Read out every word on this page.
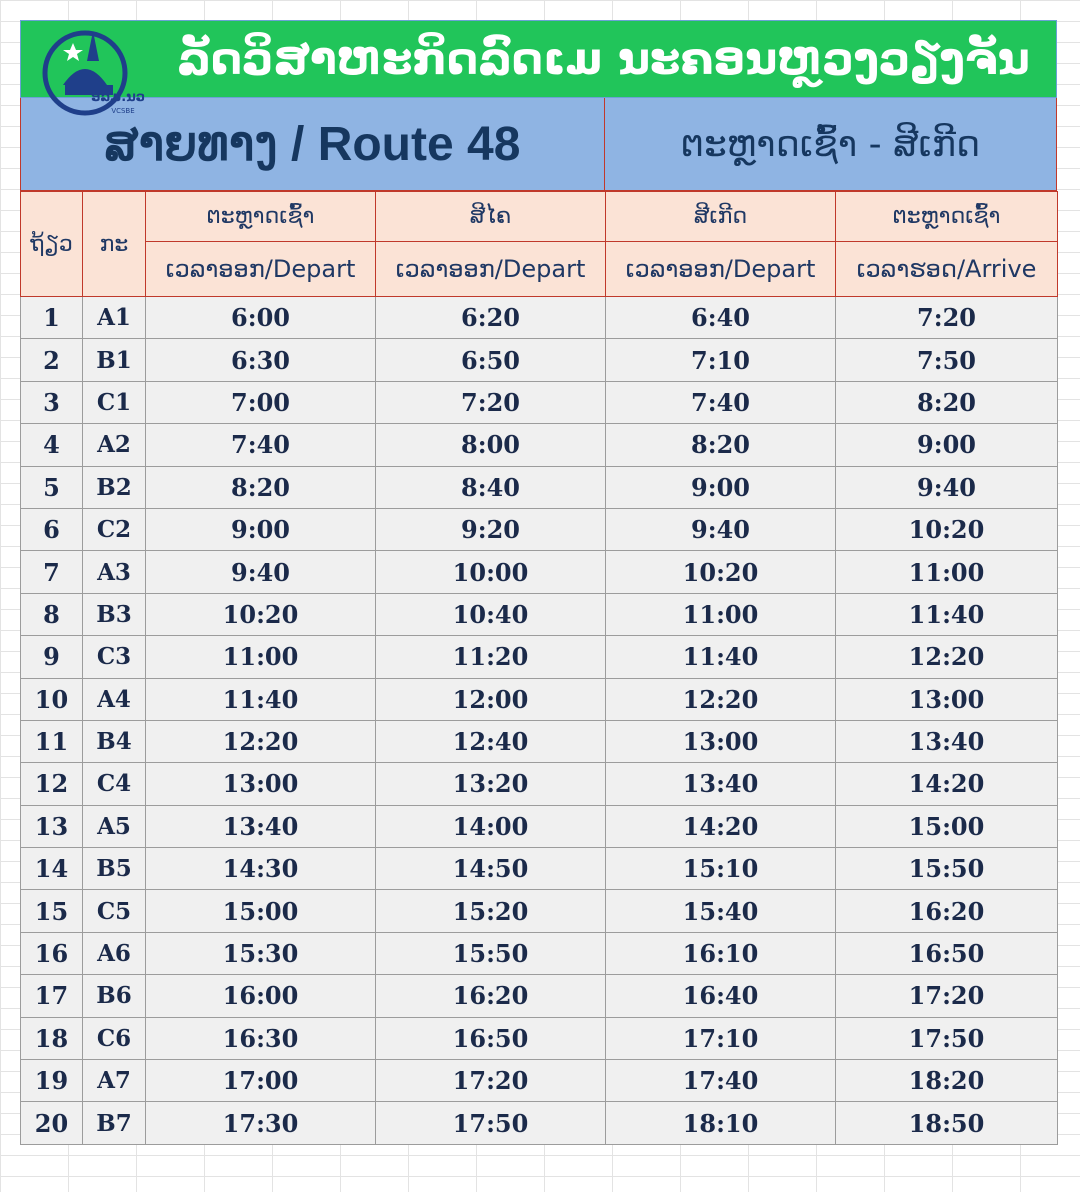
ອລມ.ນວ
VCSBE
ລັດວິສາຫະກິດລົດເມ ນະຄອນຫຼວງວຽງຈັນ
ສາຍທາງ / Route 48	ຕະຫຼາດເຊົ້າ - ສີເກີດ
ຖ້ຽວ	ກະ	ຕະຫຼາດເຊົ້າ	ສີໄຄ	ສີເກີດ	ຕະຫຼາດເຊົ້າ
		ເວລາອອກ/Depart	ເວລາອອກ/Depart	ເວລາອອກ/Depart	ເວລາຮອດ/Arrive
1	A1	6:00	6:20	6:40	7:20
2	B1	6:30	6:50	7:10	7:50
3	C1	7:00	7:20	7:40	8:20
4	A2	7:40	8:00	8:20	9:00
5	B2	8:20	8:40	9:00	9:40
6	C2	9:00	9:20	9:40	10:20
7	A3	9:40	10:00	10:20	11:00
8	B3	10:20	10:40	11:00	11:40
9	C3	11:00	11:20	11:40	12:20
10	A4	11:40	12:00	12:20	13:00
11	B4	12:20	12:40	13:00	13:40
12	C4	13:00	13:20	13:40	14:20
13	A5	13:40	14:00	14:20	15:00
14	B5	14:30	14:50	15:10	15:50
15	C5	15:00	15:20	15:40	16:20
16	A6	15:30	15:50	16:10	16:50
17	B6	16:00	16:20	16:40	17:20
18	C6	16:30	16:50	17:10	17:50
19	A7	17:00	17:20	17:40	18:20
20	B7	17:30	17:50	18:10	18:50
